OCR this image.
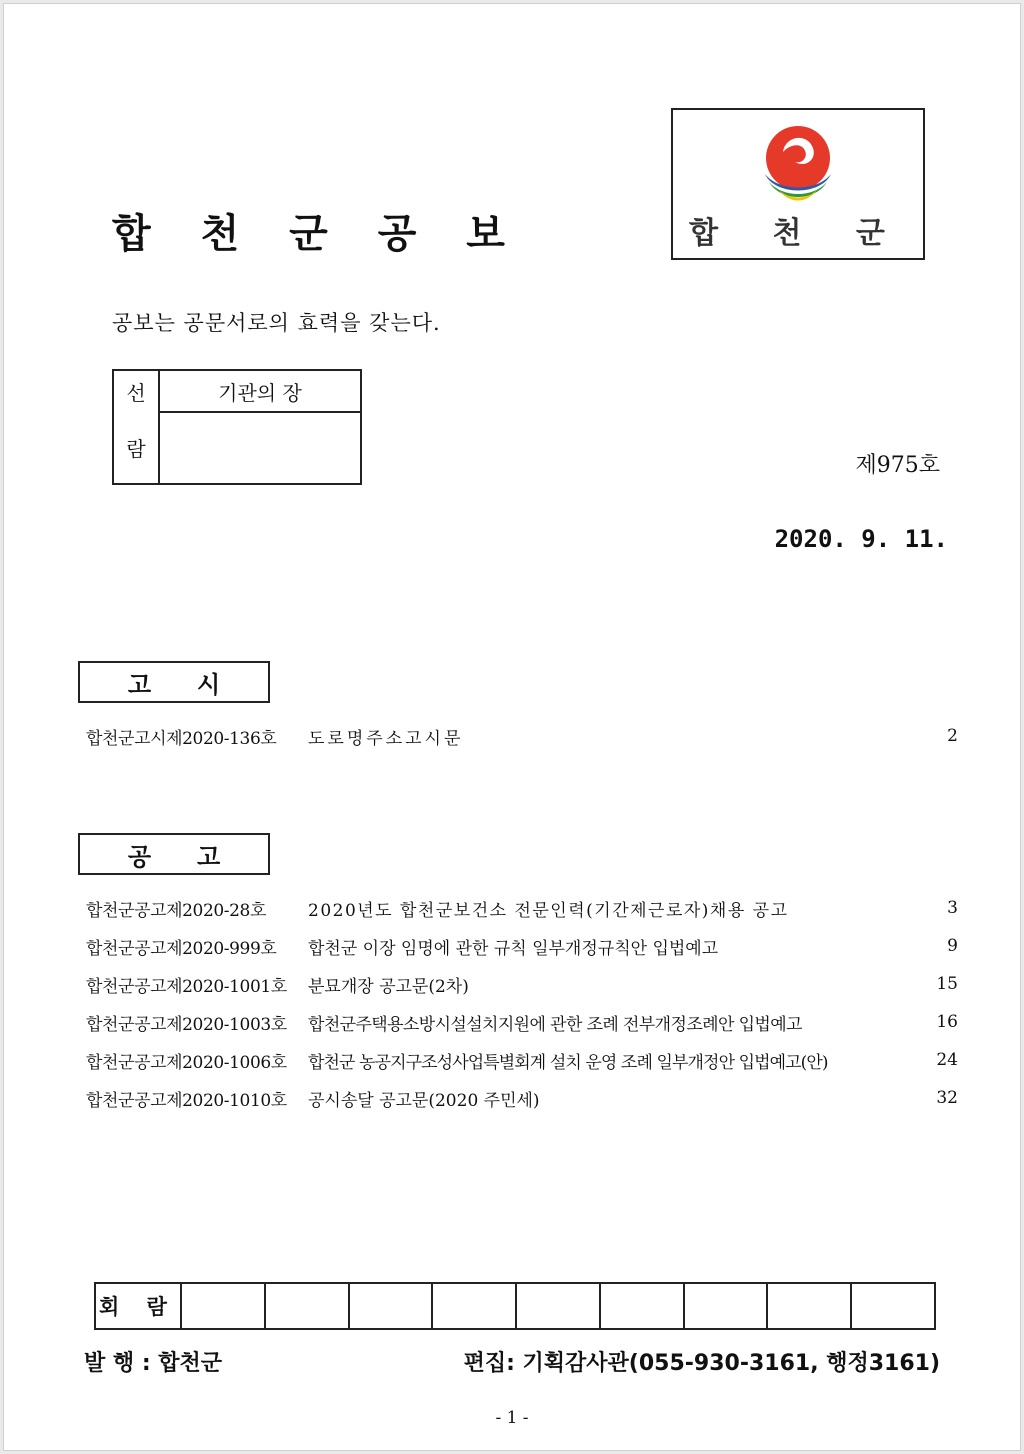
합 천 군 공 보	합 천 군
공보는 공문서로의 효력을 갖는다.
선	기관의 장
람	
제975호
2020. 9. 11.
고 시
합천군고시제2020-136호	도로명주소고시문	2
공 고
합천군공고제2020-28호	2020년도 합천군보건소 전문인력(기간제근로자)채용 공고	3
합천군공고제2020-999호	합천군 이장 임명에 관한 규칙 일부개정규칙안 입법예고	9
합천군공고제2020-1001호	분묘개장 공고문(2차)	15
합천군공고제2020-1003호	합천군주택용소방시설설치지원에 관한 조례 전부개정조례안 입법예고	16
합천군공고제2020-1006호	합천군 농공지구조성사업특별회계 설치 운영 조례 일부개정안 입법예고(안)	24
합천군공고제2020-1010호	공시송달 공고문(2020 주민세)	32
회 람
발 행 : 합천군	편집: 기획감사관(055-930-3161, 행정3161)
- 1 -
